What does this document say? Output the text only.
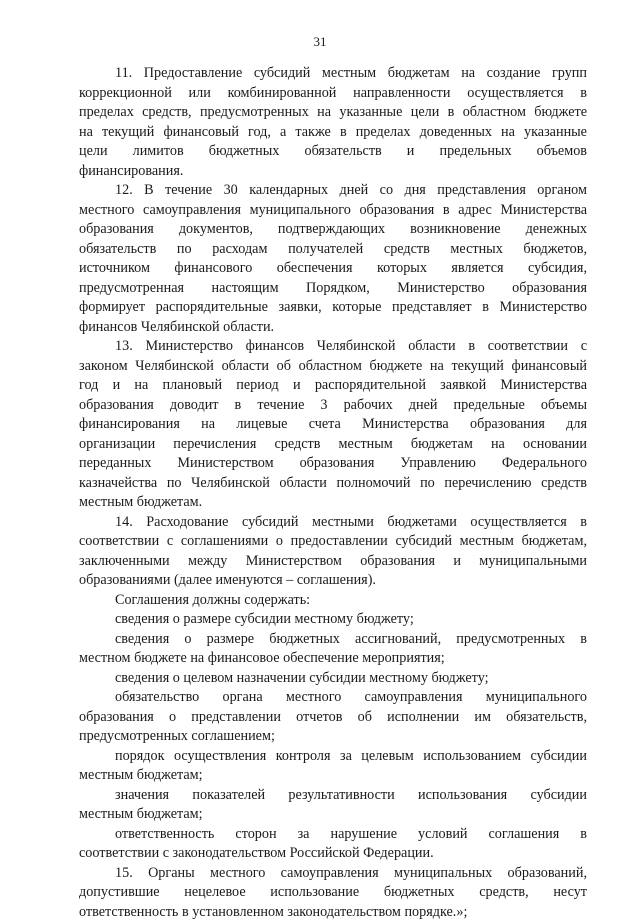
31
11. Предоставление субсидий местным бюджетам на создание групп
коррекционной или комбинированной направленности осуществляется в
пределах средств, предусмотренных на указанные цели в областном бюджете
на текущий финансовый год, а также в пределах доведенных на указанные
цели лимитов бюджетных обязательств и предельных объемов
финансирования.
12. В течение 30 календарных дней со дня представления органом
местного самоуправления муниципального образования в адрес Министерства
образования документов, подтверждающих возникновение денежных
обязательств по расходам получателей средств местных бюджетов,
источником финансового обеспечения которых является субсидия,
предусмотренная настоящим Порядком, Министерство образования
формирует распорядительные заявки, которые представляет в Министерство
финансов Челябинской области.
13. Министерство финансов Челябинской области в соответствии с
законом Челябинской области об областном бюджете на текущий финансовый
год и на плановый период и распорядительной заявкой Министерства
образования доводит в течение 3 рабочих дней предельные объемы
финансирования на лицевые счета Министерства образования для
организации перечисления средств местным бюджетам на основании
переданных Министерством образования Управлению Федерального
казначейства по Челябинской области полномочий по перечислению средств
местным бюджетам.
14. Расходование субсидий местными бюджетами осуществляется в
соответствии с соглашениями о предоставлении субсидий местным бюджетам,
заключенными между Министерством образования и муниципальными
образованиями (далее именуются – соглашения).
Соглашения должны содержать:
сведения о размере субсидии местному бюджету;
сведения о размере бюджетных ассигнований, предусмотренных в
местном бюджете на финансовое обеспечение мероприятия;
сведения о целевом назначении субсидии местному бюджету;
обязательство органа местного самоуправления муниципального
образования о представлении отчетов об исполнении им обязательств,
предусмотренных соглашением;
порядок осуществления контроля за целевым использованием субсидии
местным бюджетам;
значения показателей результативности использования субсидии
местным бюджетам;
ответственность сторон за нарушение условий соглашения в
соответствии с законодательством Российской Федерации.
15. Органы местного самоуправления муниципальных образований,
допустившие нецелевое использование бюджетных средств, несут
ответственность в установленном законодательством порядке.»;
